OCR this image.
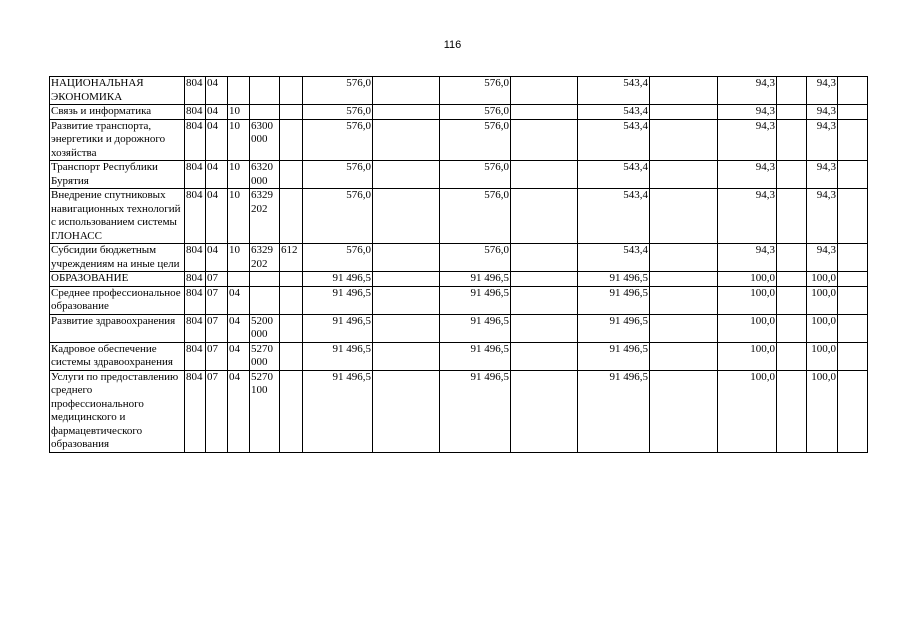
116
НАЦИОНАЛЬНАЯ ЭКОНОМИКА	804	04				576,0		576,0		543,4		94,3		94,3	
Связь и информатика	804	04	10			576,0		576,0		543,4		94,3		94,3	
Развитие транспорта, энергетики и дорожного хозяйства	804	04	10	6300 000		576,0		576,0		543,4		94,3		94,3	
Транспорт Республики Бурятия	804	04	10	6320 000		576,0		576,0		543,4		94,3		94,3	
Внедрение спутниковых навигационных технологий с использованием системы ГЛОНАСС	804	04	10	6329 202		576,0		576,0		543,4		94,3		94,3	
Субсидии бюджетным учреждениям на иные цели	804	04	10	6329 202	612	576,0		576,0		543,4		94,3		94,3	
ОБРАЗОВАНИЕ	804	07				91 496,5		91 496,5		91 496,5		100,0		100,0	
Среднее профессиональное образование	804	07	04			91 496,5		91 496,5		91 496,5		100,0		100,0	
Развитие здравоохранения	804	07	04	5200 000		91 496,5		91 496,5		91 496,5		100,0		100,0	
Кадровое обеспечение системы здравоохранения	804	07	04	5270 000		91 496,5		91 496,5		91 496,5		100,0		100,0	
Услуги по предоставлению среднего профессионального медицинского и фармацевтического образования	804	07	04	5270 100		91 496,5		91 496,5		91 496,5		100,0		100,0	
